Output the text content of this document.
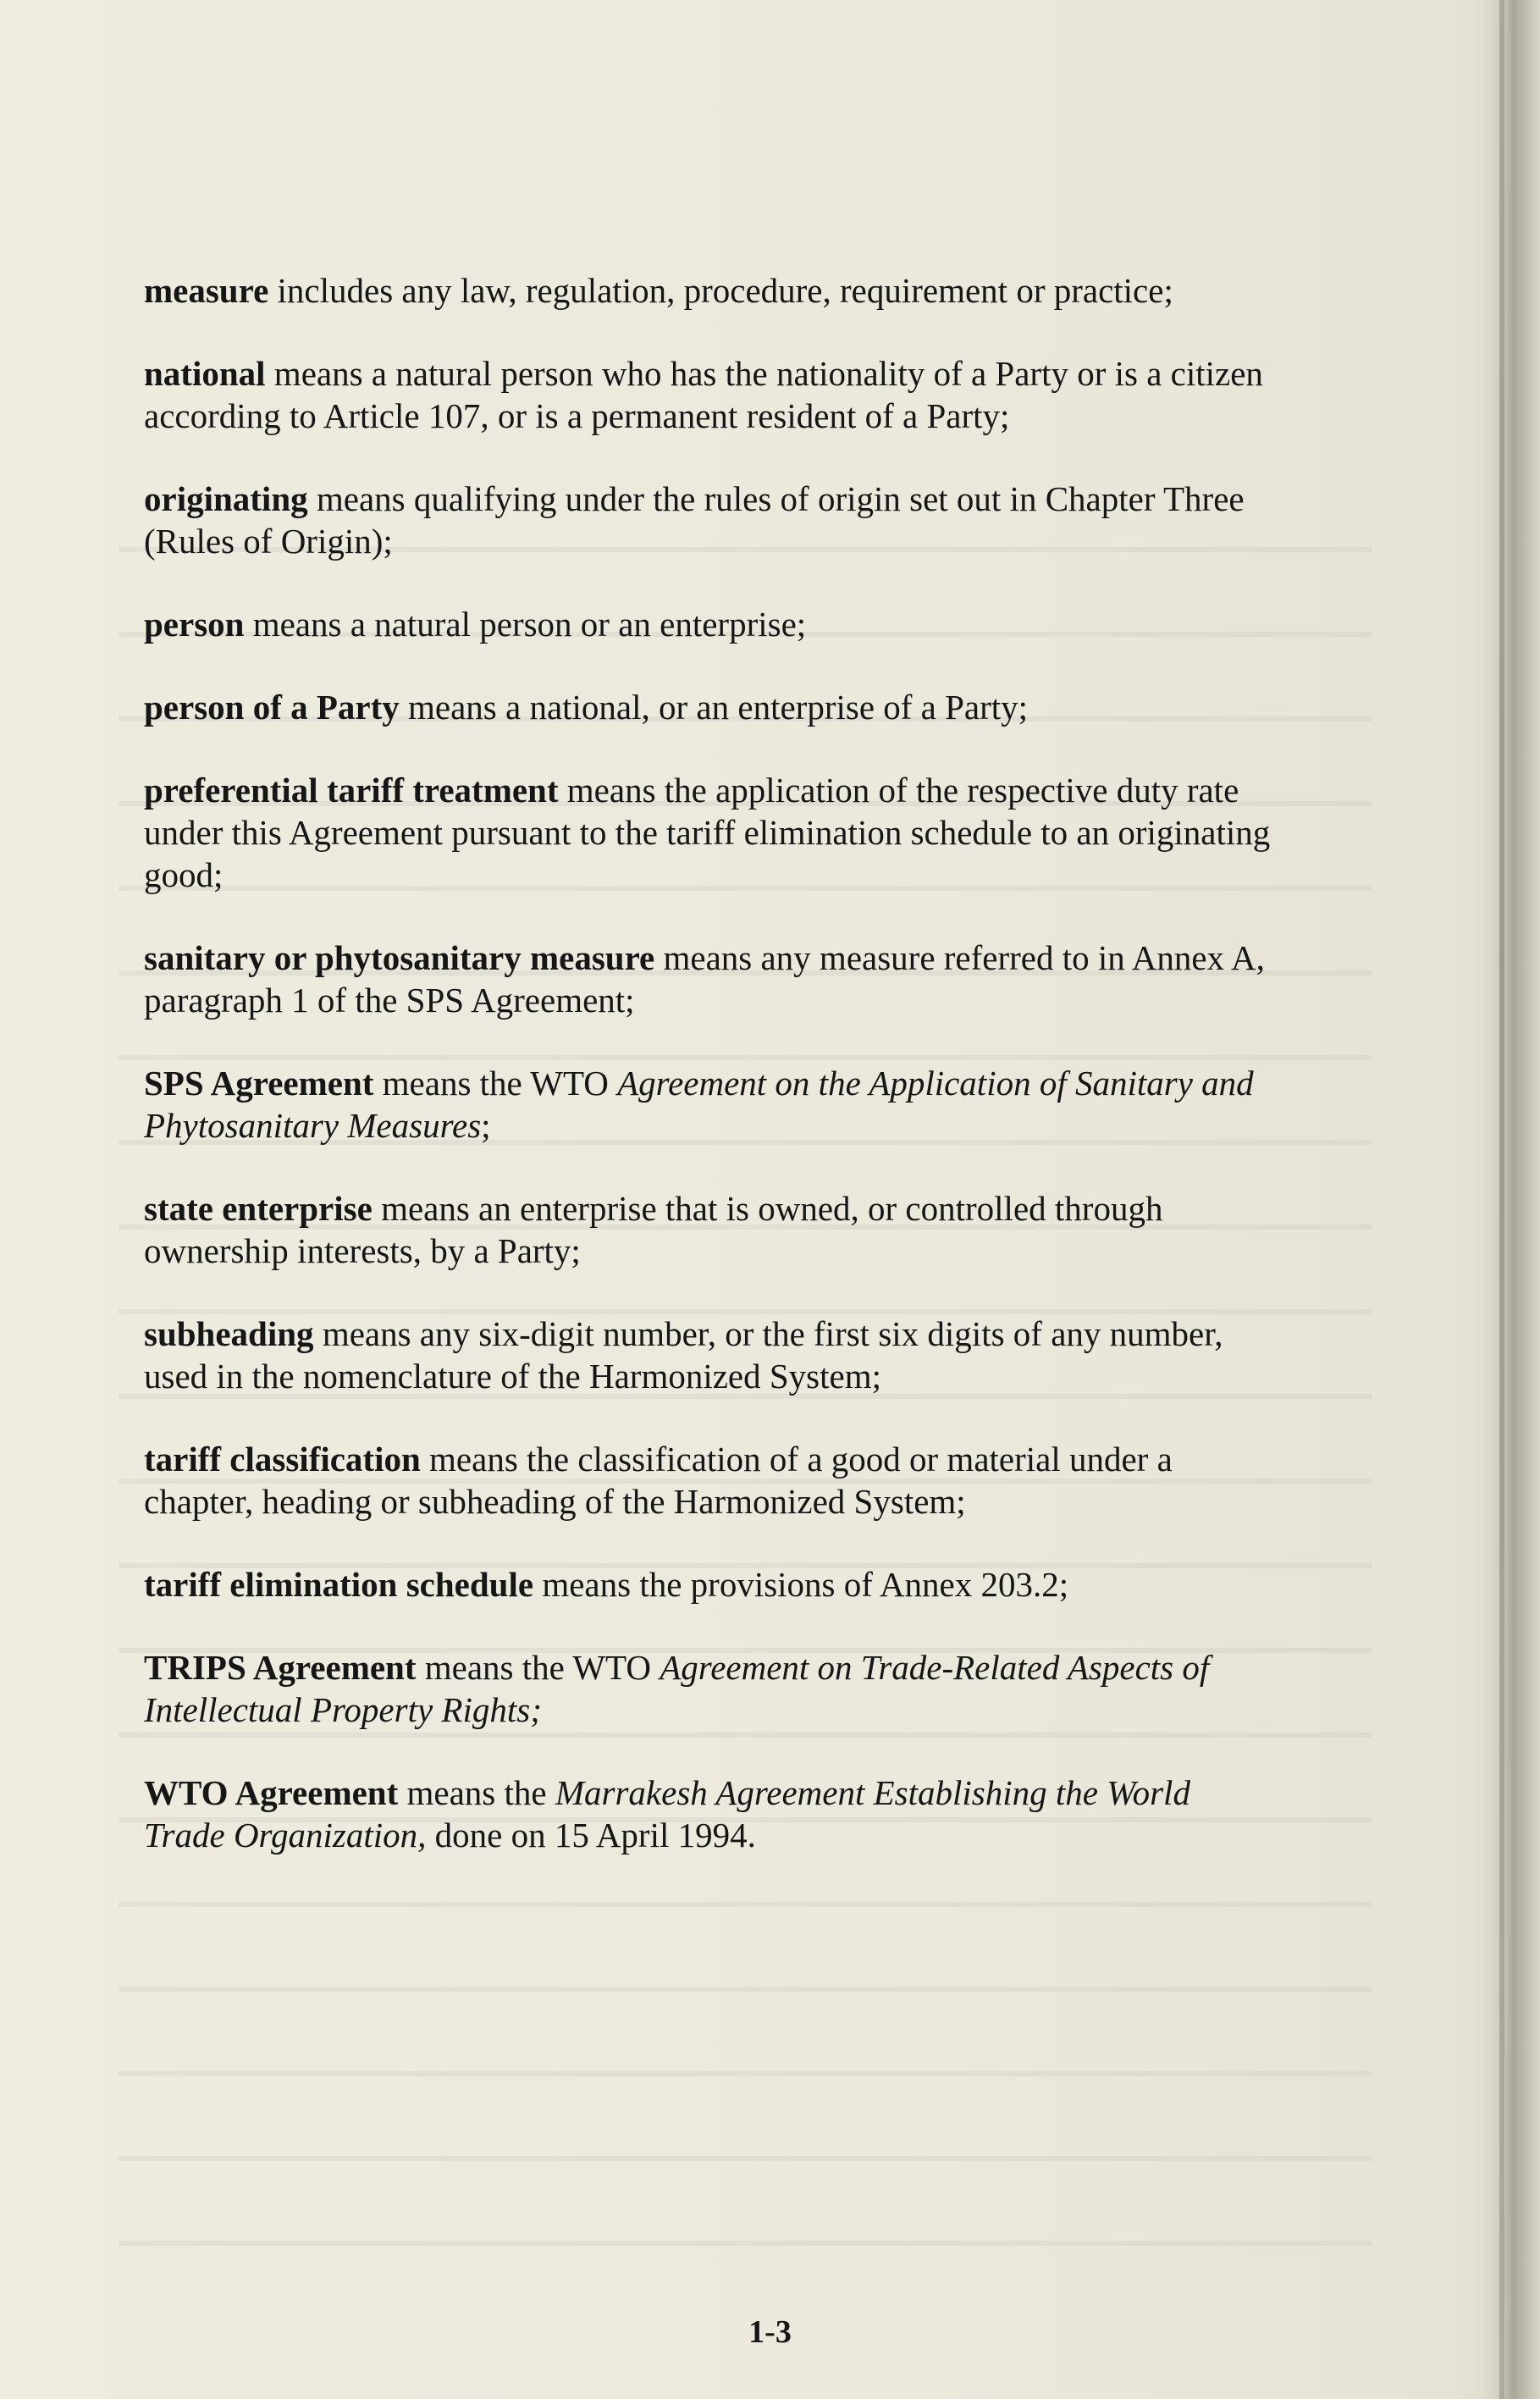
measure includes any law, regulation, procedure, requirement or practice;

national means a natural person who has the nationality of a Party or is a citizen according to Article 107, or is a permanent resident of a Party;

originating means qualifying under the rules of origin set out in Chapter Three (Rules of Origin);

person means a natural person or an enterprise;

person of a Party means a national, or an enterprise of a Party;

preferential tariff treatment means the application of the respective duty rate under this Agreement pursuant to the tariff elimination schedule to an originating good;

sanitary or phytosanitary measure means any measure referred to in Annex A, paragraph 1 of the SPS Agreement;

SPS Agreement means the WTO Agreement on the Application of Sanitary and Phytosanitary Measures;

state enterprise means an enterprise that is owned, or controlled through ownership interests, by a Party;

subheading means any six-digit number, or the first six digits of any number, used in the nomenclature of the Harmonized System;

tariff classification means the classification of a good or material under a chapter, heading or subheading of the Harmonized System;

tariff elimination schedule means the provisions of Annex 203.2;

TRIPS Agreement means the WTO Agreement on Trade-Related Aspects of Intellectual Property Rights;

WTO Agreement means the Marrakesh Agreement Establishing the World Trade Organization, done on 15 April 1994.

1-3
